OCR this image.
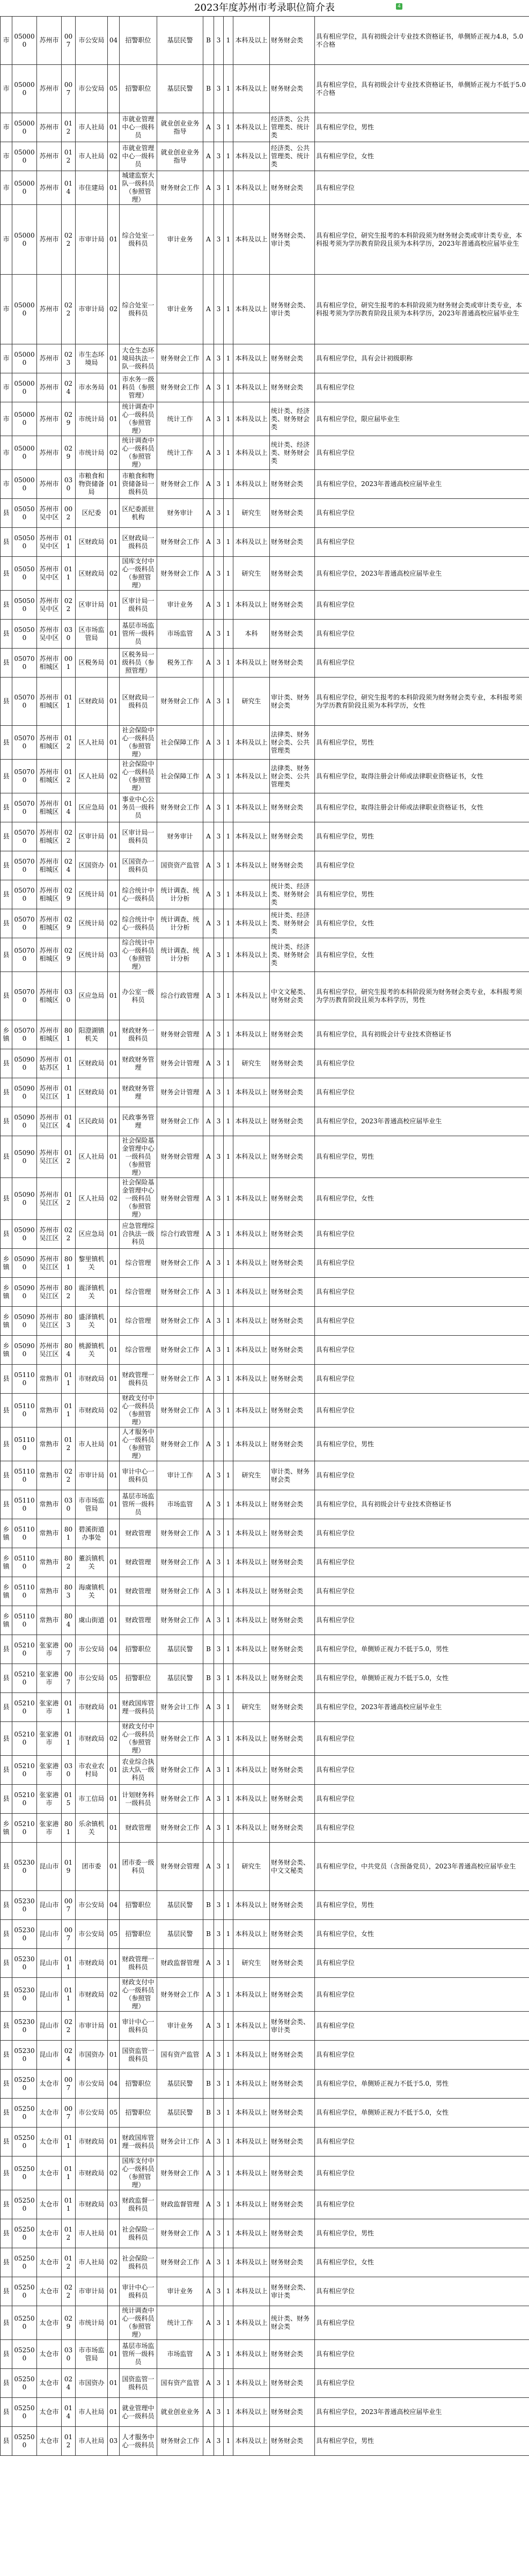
2023年度苏州市考录职位简介表	4
市	050000	苏州市	007	市公安局	04	招警职位	基层民警	B	3	1	本科及以上	财务财会类	具有相应学位，具有初级会计专业技术资格证书，单侧矫正视力4.8，5.0不合格
市	050000	苏州市	007	市公安局	05	招警职位	基层民警	B	3	1	本科及以上	财务财会类	具有相应学位，具有初级会计专业技术资格证书，单侧矫正视力不低于5.0不合格
市	050000	苏州市	012	市人社局	01	市就业管理中心一级科员	就业创业业务指导	A	3	1	本科及以上	经济类、公共管理类、统计类	具有相应学位，男性
市	050000	苏州市	012	市人社局	02	市就业管理中心一级科员	就业创业业务指导	A	3	1	本科及以上	经济类、公共管理类、统计类	具有相应学位，女性
市	050000	苏州市	014	市住建局	01	城建监察大队一级科员（参照管理）	财务财会工作	A	3	1	本科及以上	财务财会类	具有相应学位
市	050000	苏州市	022	市审计局	01	综合处室一级科员	审计业务	A	3	1	本科及以上	财务财会类、审计类	具有相应学位，研究生报考的本科阶段须为财务财会类或审计类专业，本科报考须为学历教育阶段且须为本科学历，2023年普通高校应届毕业生
市	050000	苏州市	022	市审计局	02	综合处室一级科员	审计业务	A	3	1	本科及以上	财务财会类、审计类	具有相应学位，研究生报考的本科阶段须为财务财会类或审计类专业，本科报考须为学历教育阶段且须为本科学历，2023年普通高校应届毕业生
市	050000	苏州市	023	市生态环境局	01	大仓生态环境局执法一队一级科员	财务财会工作	A	3	1	本科及以上	财务财会类	具有相应学位，具有会计初级职称
市	050000	苏州市	024	市水务局	01	市水务一级科员（参照管理）	财务财会工作	A	3	1	本科及以上	财务财会类	具有相应学位
市	050000	苏州市	029	市统计局	01	统计调查中心一级科员（参照管理）	统计工作	A	3	1	本科及以上	统计类、经济类、财务财会类	具有相应学位，限应届毕业生
市	050000	苏州市	029	市统计局	02	统计调查中心一级科员（参照管理）	统计工作	A	3	1	本科及以上	统计类、经济类、财务财会类	具有相应学位
市	050000	苏州市	030	市粮食和物资储备局	01	市粮食和物资储备局一级科员	财务财会工作	A	3	1	本科及以上	财务财会类	具有相应学位，2023年普通高校应届毕业生
县	050500	苏州市吴中区	002	区纪委	01	区纪委派驻机构	财务审计	A	3	1	研究生	财务财会类	具有相应学位
县	050500	苏州市吴中区	011	区财政局	01	区财政局一级科员	财务财会工作	A	3	1	本科及以上	财务财会类	具有相应学位
县	050500	苏州市吴中区	011	区财政局	02	国库支付中心一级科员（参照管理）	财务财会工作	A	3	1	研究生	财务财会类	具有相应学位，2023年普通高校应届毕业生
县	050500	苏州市吴中区	022	区审计局	01	区审计局一级科员	审计业务	A	3	1	本科及以上	财务财会类	具有相应学位
县	050500	苏州市吴中区	030	区市场监管局	01	基层市场监管所一级科员	市场监管	A	3	1	本科	财务财会类	具有相应学位
县	050700	苏州市相城区	001	区税务局	01	区税务局一级科员（参照管理）	税务工作	A	3	1	本科及以上	财务财会类	具有相应学位
县	050700	苏州市相城区	011	区财政局	01	区财政局一级科员	财务财会工作	A	3	1	研究生	审计类、财务财会类	具有相应学位，研究生报考的本科阶段须为财务财会类专业，本科报考须为学历教育阶段且须为本科学历，女性
县	050700	苏州市相城区	012	区人社局	01	社会保险中心一级科员（参照管理）	社会保障工作	A	3	1	本科及以上	法律类、财务财会类、公共管理类	具有相应学位，男性
县	050700	苏州市相城区	012	区人社局	02	社会保险中心一级科员（参照管理）	社会保障工作	A	3	1	本科及以上	法律类、财务财会类、公共管理类	具有相应学位，取得注册会计师或法律职业资格证书，女性
县	050700	苏州市相城区	014	区应急局	01	事业中心公务员一级科员	财务财会工作	A	3	1	本科及以上	财务财会类	具有相应学位，取得注册会计师或法律职业资格证书，女性
县	050700	苏州市相城区	022	区审计局	01	区审计局一级科员	财务审计	A	3	1	本科及以上	财务财会类	具有相应学位，男性
县	050700	苏州市相城区	024	区国资办	01	区国资办一级科员	国资资产监管	A	3	1	本科及以上	财务财会类	具有相应学位
县	050700	苏州市相城区	029	区统计局	01	综合统计中心一级科员	统计调查、统计分析	A	3	1	本科及以上	统计类、经济类、财务财会类	具有相应学位，男性
县	050700	苏州市相城区	029	区统计局	02	综合统计中心一级科员	统计调查、统计分析	A	3	1	本科及以上	统计类、经济类、财务财会类	具有相应学位，女性
县	050700	苏州市相城区	029	区统计局	03	综合统计中心一级科员（参照管理）	统计调查、统计分析	A	3	1	本科及以上	统计类、经济类、财务财会类	具有相应学位，女性
县	050700	苏州市相城区	030	区应急局	01	办公室一级科员	综合行政管理	A	3	1	本科及以上	中文文秘类、财务财会类	具有相应学位，研究生报考的本科阶段须为财务财会类专业，本科报考须为学历教育阶段且须为本科学历，男性
乡镇	050700	苏州市相城区	801	阳澄湖镇机关	01	财政财务一级科员	财务财会管理	A	3	1	本科及以上	财务财会类	具有相应学位，具有初级会计专业技术资格证书
县	050900	苏州市姑苏区	011	区财政局	01	财政财务管理	财务会计管理	A	3	1	研究生	财务财会类	具有相应学位
县	050900	苏州市吴江区	011	区财政局	01	财政财务管理	财务会计管理	A	3	1	本科及以上	财务财会类	具有相应学位
县	050900	苏州市吴江区	014	区民政局	01	民政事务管理	财务财会工作	A	3	1	本科及以上	财务财会类	具有相应学位，2023年普通高校应届毕业生
县	050900	苏州市吴江区	012	区人社局	01	社会保险基金管理中心一级科员（参照管理）	财务财会管理	A	3	1	本科及以上	财务财会类	具有相应学位，男性
县	050900	苏州市吴江区	012	区人社局	02	社会保险基金管理中心一级科员（参照管理）	财务财会管理	A	3	1	本科及以上	财务财会类	具有相应学位，女性
县	050900	苏州市吴江区	022	区应急局	01	应急管理综合执法一级科员	综合行政管理	A	3	1	本科及以上	财务财会类	具有相应学位
乡镇	050900	苏州市吴江区	801	黎里镇机关	01	综合管理	财务财会工作	A	3	1	本科及以上	财务财会类	具有相应学位
乡镇	050900	苏州市吴江区	802	震泽镇机关	01	综合管理	财务财会工作	A	3	1	本科及以上	财务财会类	具有相应学位
乡镇	050900	苏州市吴江区	803	盛泽镇机关	01	综合管理	财务财会工作	A	3	1	本科及以上	财务财会类	具有相应学位
乡镇	050900	苏州市吴江区	804	桃源镇机关	01	综合管理	财务财会工作	A	3	1	本科及以上	财务财会类	具有相应学位
县	051100	常熟市	011	市财政局	01	财政管理一级科员	财务财会工作	A	3	1	本科及以上	财务财会类	具有相应学位
县	051100	常熟市	011	市财政局	02	财政支付中心一级科员（参照管理）	财务财会工作	A	3	1	本科及以上	财务财会类	具有相应学位
县	051100	常熟市	012	市人社局	01	人才服务中心一级科员（参照管理）	财务财会工作	A	3	1	本科及以上	财务财会类	具有相应学位，男性
县	051100	常熟市	022	市审计局	01	审计中心一级科员	审计工作	A	3	1	研究生	审计类、财务财会类	具有相应学位
县	051100	常熟市	030	市市场监管局	01	基层市场监管所一级科员	市场监管	A	3	1	本科及以上	财务财会类	具有相应学位，具有初级会计专业技术资格证书
乡镇	051100	常熟市	801	碧溪街道办事处	01	财政管理	财务财会工作	A	3	1	本科及以上	财务财会类	具有相应学位
乡镇	051100	常熟市	802	董浜镇机关	01	财政管理	财务财会工作	A	3	1	本科及以上	财务财会类	具有相应学位
乡镇	051100	常熟市	803	海虞镇机关	01	财政管理	财务财会工作	A	3	1	本科及以上	财务财会类	具有相应学位
乡镇	051100	常熟市	804	虞山街道	01	财政管理	财务财会工作	A	3	1	本科及以上	财务财会类	具有相应学位
县	052100	张家港市	007	市公安局	04	招警职位	基层民警	B	3	1	本科及以上	财务财会类	具有相应学位，单侧矫正视力不低于5.0，男性
县	052100	张家港市	007	市公安局	05	招警职位	基层民警	B	3	1	本科及以上	财务财会类	具有相应学位，单侧矫正视力不低于5.0，女性
县	052100	张家港市	011	市财政局	01	财政国库管理一级科员	财务会计工作	A	3	1	研究生	财务财会类	具有相应学位，2023年普通高校应届毕业生
县	052100	张家港市	011	市财政局	02	财政支付中心一级科员（参照管理）	财务财会工作	A	3	1	本科及以上	财务财会类	具有相应学位
县	052100	张家港市	030	市农业农村局	01	农业综合执法大队一级科员	财务财会工作	A	3	1	本科及以上	财务财会类	具有相应学位
县	052100	张家港市	015	市工信局	01	计划财务科一级科员	财务财会工作	A	3	1	本科及以上	财务财会类	具有相应学位
乡镇	052100	张家港市	801	乐余镇机关	01	财政管理	财务财会工作	A	3	1	本科及以上	财务财会类	具有相应学位
县	052300	昆山市	019	团市委	01	团市委一级科员	财务财会管理	A	3	1	研究生	财务财会类、中文文秘类	具有相应学位，中共党员（含预备党员），2023年普通高校应届毕业生
县	052300	昆山市	007	市公安局	04	招警职位	基层民警	B	3	1	本科及以上	财务财会类	具有相应学位，男性
县	052300	昆山市	007	市公安局	05	招警职位	基层民警	B	3	1	本科及以上	财务财会类	具有相应学位，女性
县	052300	昆山市	011	市财政局	01	财政管理一级科员	财政监督管理	A	3	1	研究生	财务财会类	具有相应学位
县	052300	昆山市	011	市财政局	02	财政支付中心一级科员（参照管理）	财务财会工作	A	3	1	本科及以上	财务财会类	具有相应学位
县	052300	昆山市	022	市审计局	01	审计中心一级科员	审计业务	A	3	1	本科及以上	财务财会类、审计类	具有相应学位
县	052300	昆山市	024	市国资办	01	国资监管一级科员	国有资产监管	A	3	1	本科及以上	财务财会类	具有相应学位
县	052500	太仓市	007	市公安局	04	招警职位	基层民警	B	3	1	本科及以上	财务财会类	具有相应学位，单侧矫正视力不低于5.0，男性
县	052500	太仓市	007	市公安局	05	招警职位	基层民警	B	3	1	本科及以上	财务财会类	具有相应学位，单侧矫正视力不低于5.0，女性
县	052500	太仓市	011	市财政局	01	财政国库管理一级科员	财务会计工作	A	3	1	本科及以上	财务财会类	具有相应学位
县	052500	太仓市	011	市财政局	02	国库支付中心一级科员（参照管理）	财务财会工作	A	3	1	本科及以上	财务财会类	具有相应学位
县	052500	太仓市	011	市财政局	03	财政监督一级科员	财政监督管理	A	3	1	本科及以上	财务财会类	具有相应学位
县	052500	太仓市	012	市人社局	01	社会保险一级科员	财务财会工作	A	3	1	本科及以上	财务财会类	具有相应学位，男性
县	052500	太仓市	012	市人社局	02	社会保险一级科员	财务财会工作	A	3	1	本科及以上	财务财会类	具有相应学位，女性
县	052500	太仓市	022	市审计局	01	审计中心一级科员	审计业务	A	3	1	本科及以上	财务财会类、审计类	具有相应学位
县	052500	太仓市	029	市统计局	01	统计调查中心一级科员（参照管理）	统计工作	A	3	1	本科及以上	统计类、财务财会类	具有相应学位
县	052500	太仓市	030	市市场监管局	01	基层市场监管所一级科员	市场监管	A	3	1	本科及以上	财务财会类	具有相应学位
县	052500	太仓市	024	市国资办	01	国资监管一级科员	国有资产监管	A	3	1	本科及以上	财务财会类	具有相应学位
县	052500	太仓市	014	市人社局	01	就业管理中心一级科员	就业创业业务	A	3	1	本科及以上	财务财会类	具有相应学位，2023年普通高校应届毕业生
县	052500	太仓市	012	市人社局	03	人才服务中心一级科员	财务财会工作	A	3	1	本科及以上	财务财会类	具有相应学位，男性
